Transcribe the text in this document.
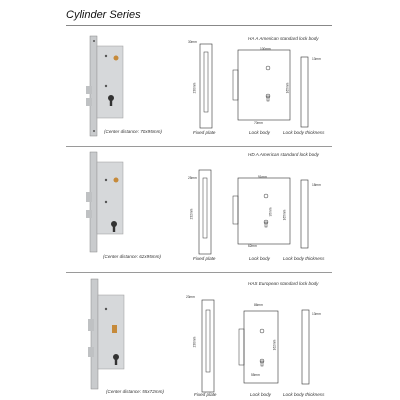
Cylinder Series
HA A American standard lock body
(Center distance: 70x95mm)
30mm
230mm
Fixed plate
100mm
165mm
70mm
Lock body
13mm
Lock body thickness
HD A American standard lock body
(Center distance: 62x95mm)
25mm
232mm
Fixed plate
91mm
165mm
95mm
62mm
Lock body
18mm
Lock body thickness
HAS European standard lock body
(Center distance: 55x72mm)
23mm
230mm
Fixed plate
86mm
162mm
55mm
Lock body
13mm
Lock body thickness
